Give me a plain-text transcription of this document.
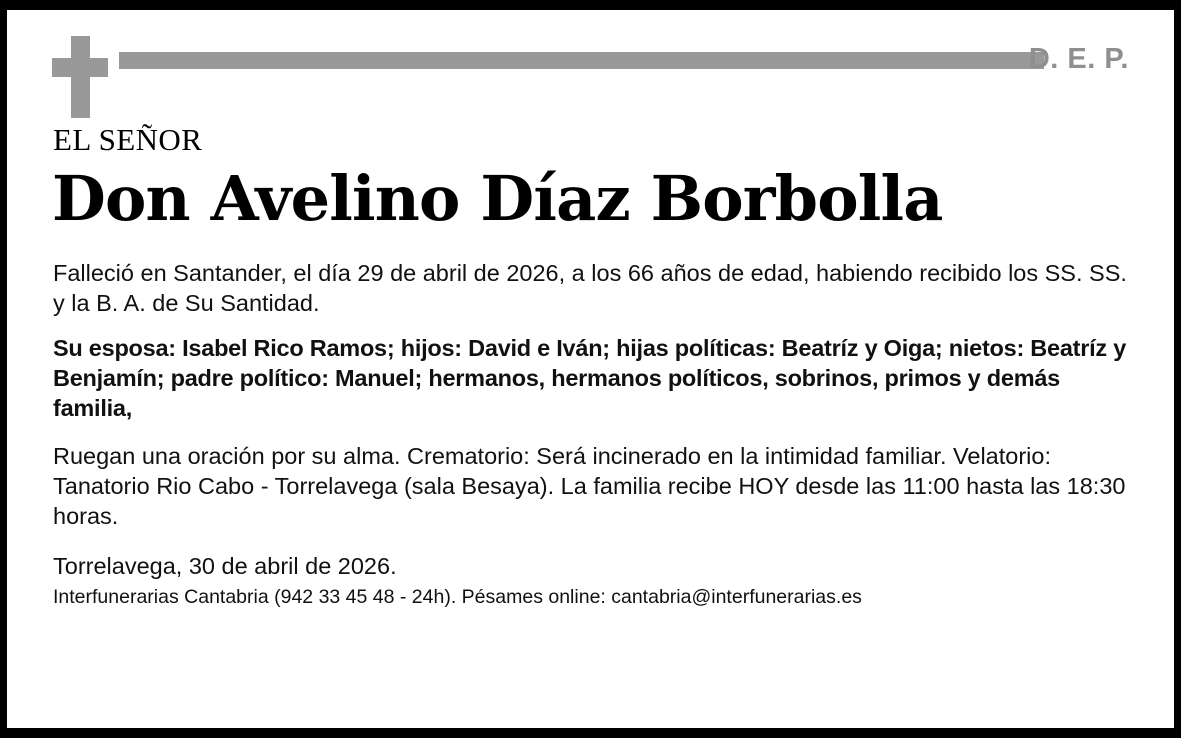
D. E. P.
EL SEÑOR
Don Avelino Díaz Borbolla

Falleció en Santander, el día 29 de abril de 2026, a los 66 años de edad, habiendo recibido los SS. SS. y la B. A. de Su Santidad.

Su esposa: Isabel Rico Ramos; hijos: David e Iván; hijas políticas: Beatríz y Oiga; nietos: Beatríz y Benjamín; padre político: Manuel; hermanos, hermanos políticos, sobrinos, primos y demás familia,

Ruegan una oración por su alma. Crematorio: Será incinerado en la intimidad familiar. Velatorio: Tanatorio Rio Cabo - Torrelavega (sala Besaya). La familia recibe HOY desde las 11:00 hasta las 18:30 horas.

Torrelavega, 30 de abril de 2026.

Interfunerarias Cantabria (942 33 45 48 - 24h). Pésames online: cantabria@interfunerarias.es
